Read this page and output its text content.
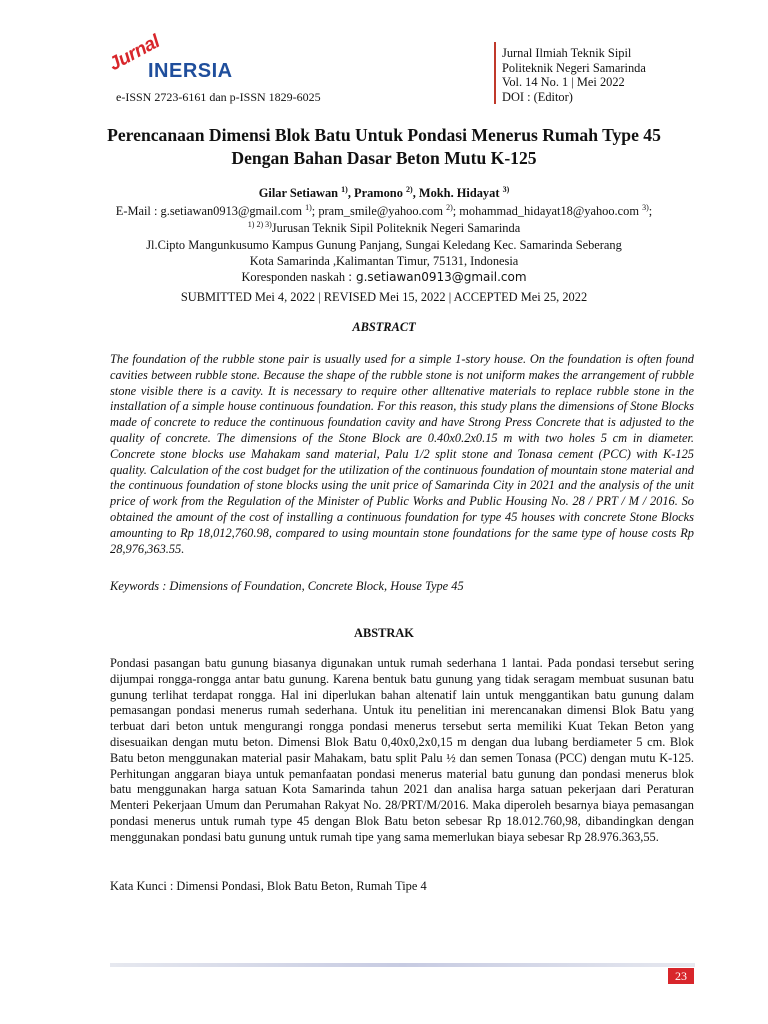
Jurnal
INERSIA
e-ISSN 2723-6161 dan p-ISSN 1829-6025
Jurnal Ilmiah Teknik Sipil
Politeknik Negeri Samarinda
Vol. 14 No. 1 | Mei 2022
DOI : (Editor)
Perencanaan Dimensi Blok Batu Untuk Pondasi Menerus Rumah Type 45
Dengan Bahan Dasar Beton Mutu K-125
Gilar Setiawan $^{1)}$, Pramono $^{2)}$, Mokh. Hidayat $^{3)}$
E-Mail : g.setiawan0913@gmail.com $^{1)}$; pram_smile@yahoo.com $^{2)}$; mohammad_hidayat18@yahoo.com $^{3)}$;
$^{1) 2) 3)}$Jurusan Teknik Sipil Politeknik Negeri Samarinda
Jl.Cipto Mangunkusumo Kampus Gunung Panjang, Sungai Keledang Kec. Samarinda Seberang
Kota Samarinda ,Kalimantan Timur, 75131, Indonesia
Koresponden naskah : g.setiawan0913@gmail.com
SUBMITTED Mei 4, 2022 | REVISED Mei 15, 2022 | ACCEPTED Mei 25, 2022
ABSTRACT
The foundation of the rubble stone pair is usually used for a simple 1-story house. On the foundation is often found cavities between rubble stone. Because the shape of the rubble stone is not uniform makes the arrangement of rubble stone visible there is a cavity. It is necessary to require other alltenative materials to replace rubble stone in the installation of a simple house continuous foundation. For this reason, this study plans the dimensions of Stone Blocks made of concrete to reduce the continuous foundation cavity and have Strong Press Concrete that is adjusted to the quality of concrete. The dimensions of the Stone Block are 0.40x0.2x0.15 m with two holes 5 cm in diameter. Concrete stone blocks use Mahakam sand material, Palu 1/2 split stone and Tonasa cement (PCC) with K-125 quality. Calculation of the cost budget for the utilization of the continuous foundation of mountain stone material and the continuous foundation of stone blocks using the unit price of Samarinda City in 2021 and the analysis of the unit price of work from the Regulation of the Minister of Public Works and Public Housing No. 28 / PRT / M / 2016. So obtained the amount of the cost of installing a continuous foundation for type 45 houses with concrete Stone Blocks amounting to Rp 18,012,760.98, compared to using mountain stone foundations for the same type of house costs Rp 28,976,363.55.
Keywords : Dimensions of Foundation, Concrete Block, House Type 45
ABSTRAK
Pondasi pasangan batu gunung biasanya digunakan untuk rumah sederhana 1 lantai. Pada pondasi tersebut sering dijumpai rongga-rongga antar batu gunung. Karena bentuk batu gunung yang tidak seragam membuat susunan batu gunung terlihat terdapat rongga. Hal ini diperlukan bahan altenatif lain untuk menggantikan batu gunung dalam pemasangan pondasi menerus rumah sederhana. Untuk itu penelitian ini merencanakan dimensi Blok Batu yang terbuat dari beton untuk mengurangi rongga pondasi menerus tersebut serta memiliki Kuat Tekan Beton yang disesuaikan dengan mutu beton. Dimensi Blok Batu 0,40x0,2x0,15 m dengan dua lubang berdiameter 5 cm. Blok Batu beton menggunakan material pasir Mahakam, batu split Palu ½ dan semen Tonasa (PCC) dengan mutu K-125. Perhitungan anggaran biaya untuk pemanfaatan pondasi menerus material batu gunung dan pondasi menerus blok batu menggunakan harga satuan Kota Samarinda tahun 2021 dan analisa harga satuan pekerjaan dari Peraturan Menteri Pekerjaan Umum dan Perumahan Rakyat No. 28/PRT/M/2016. Maka diperoleh besarnya biaya pemasangan pondasi menerus untuk rumah type 45 dengan Blok Batu beton sebesar Rp 18.012.760,98, dibandingkan dengan menggunakan pondasi batu gunung untuk rumah tipe yang sama memerlukan biaya sebesar Rp 28.976.363,55.
Kata Kunci : Dimensi Pondasi, Blok Batu Beton, Rumah Tipe 4
23
